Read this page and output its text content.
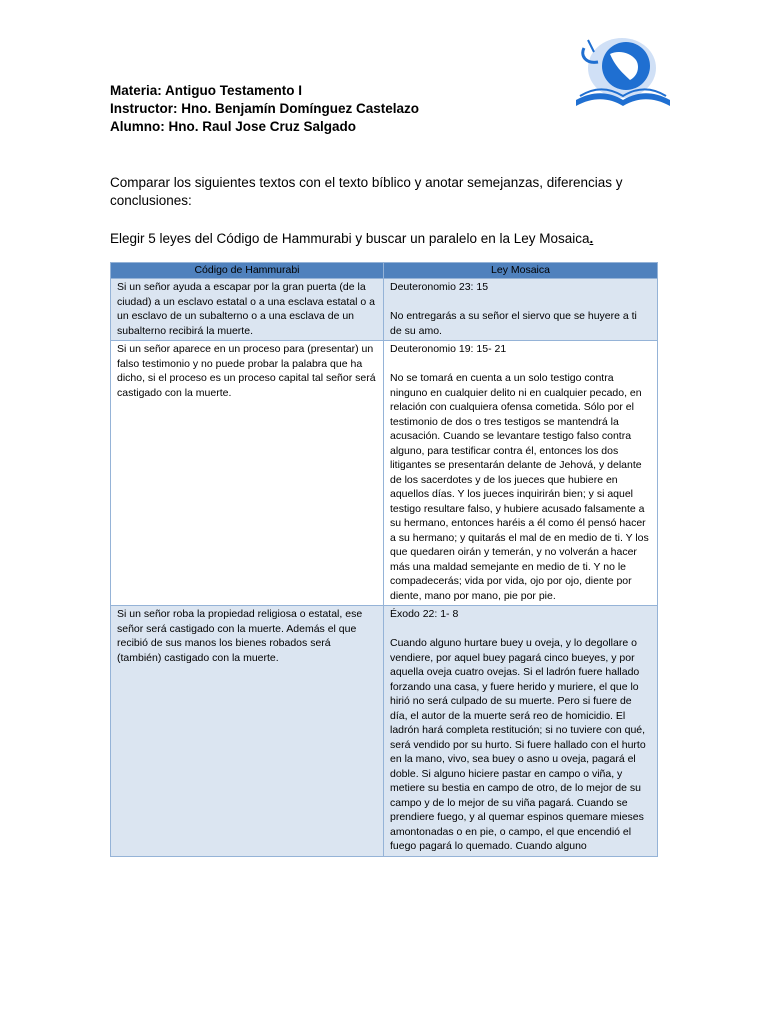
Materia: Antiguo Testamento I
Instructor: Hno. Benjamín Domínguez Castelazo
Alumno: Hno. Raul Jose Cruz Salgado

Comparar los siguientes textos con el texto bíblico y anotar semejanzas, diferencias y conclusiones:

Elegir 5 leyes del Código de Hammurabi y buscar un paralelo en la Ley Mosaica.

Código de Hammurabi	Ley Mosaica
Si un señor ayuda a escapar por la gran puerta (de la ciudad) a un esclavo estatal o a una esclava estatal o a un esclavo de un subalterno o a una esclava de un subalterno recibirá la muerte.	Deuteronomio 23: 15
No entregarás a su señor el siervo que se huyere a ti de su amo.
Si un señor aparece en un proceso para (presentar) un falso testimonio y no puede probar la palabra que ha dicho, si el proceso es un proceso capital tal señor será castigado con la muerte.	Deuteronomio 19: 15- 21
No se tomará en cuenta a un solo testigo contra ninguno en cualquier delito ni en cualquier pecado, en relación con cualquiera ofensa cometida. Sólo por el testimonio de dos o tres testigos se mantendrá la acusación. Cuando se levantare testigo falso contra alguno, para testificar contra él, entonces los dos litigantes se presentarán delante de Jehová, y delante de los sacerdotes y de los jueces que hubiere en aquellos días. Y los jueces inquirirán bien; y si aquel testigo resultare falso, y hubiere acusado falsamente a su hermano, entonces haréis a él como él pensó hacer a su hermano; y quitarás el mal de en medio de ti. Y los que quedaren oirán y temerán, y no volverán a hacer más una maldad semejante en medio de ti. Y no le compadecerás; vida por vida, ojo por ojo, diente por diente, mano por mano, pie por pie.
Si un señor roba la propiedad religiosa o estatal, ese señor será castigado con la muerte. Además el que recibió de sus manos los bienes robados será (también) castigado con la muerte.	Éxodo 22: 1- 8
Cuando alguno hurtare buey u oveja, y lo degollare o vendiere, por aquel buey pagará cinco bueyes, y por aquella oveja cuatro ovejas. Si el ladrón fuere hallado forzando una casa, y fuere herido y muriere, el que lo hirió no será culpado de su muerte. Pero si fuere de día, el autor de la muerte será reo de homicidio. El ladrón hará completa restitución; si no tuviere con qué, será vendido por su hurto. Si fuere hallado con el hurto en la mano, vivo, sea buey o asno u oveja, pagará el doble. Si alguno hiciere pastar en campo o viña, y metiere su bestia en campo de otro, de lo mejor de su campo y de lo mejor de su viña pagará. Cuando se prendiere fuego, y al quemar espinos quemare mieses amontonadas o en pie, o campo, el que encendió el fuego pagará lo quemado. Cuando alguno
